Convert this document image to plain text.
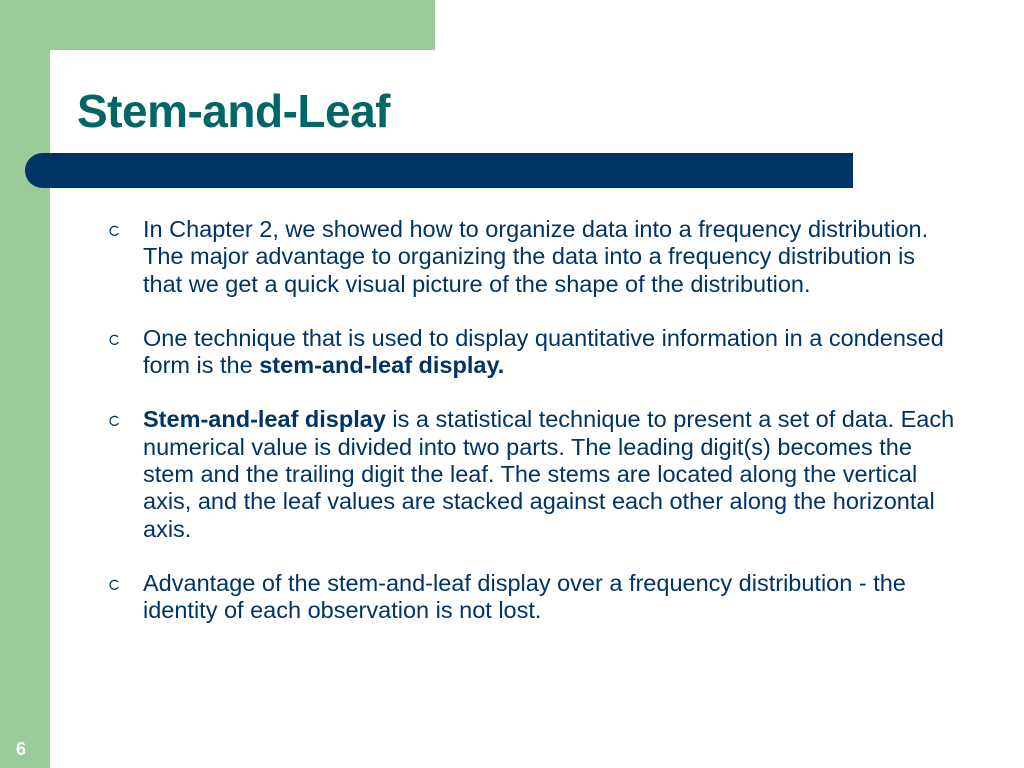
Stem-and-Leaf
In Chapter 2, we showed how to organize data into a frequency distribution. The major advantage to organizing the data into a frequency distribution is that we get a quick visual picture of the shape of the distribution.
One technique that is used to display quantitative information in a condensed form is the stem-and-leaf display.
Stem-and-leaf display is a statistical technique to present a set of data. Each numerical value is divided into two parts. The leading digit(s) becomes the stem and the trailing digit the leaf. The stems are located along the vertical axis, and the leaf values are stacked against each other along the horizontal axis.
Advantage of the stem-and-leaf display over a frequency distribution - the identity of each observation is not lost.
6
